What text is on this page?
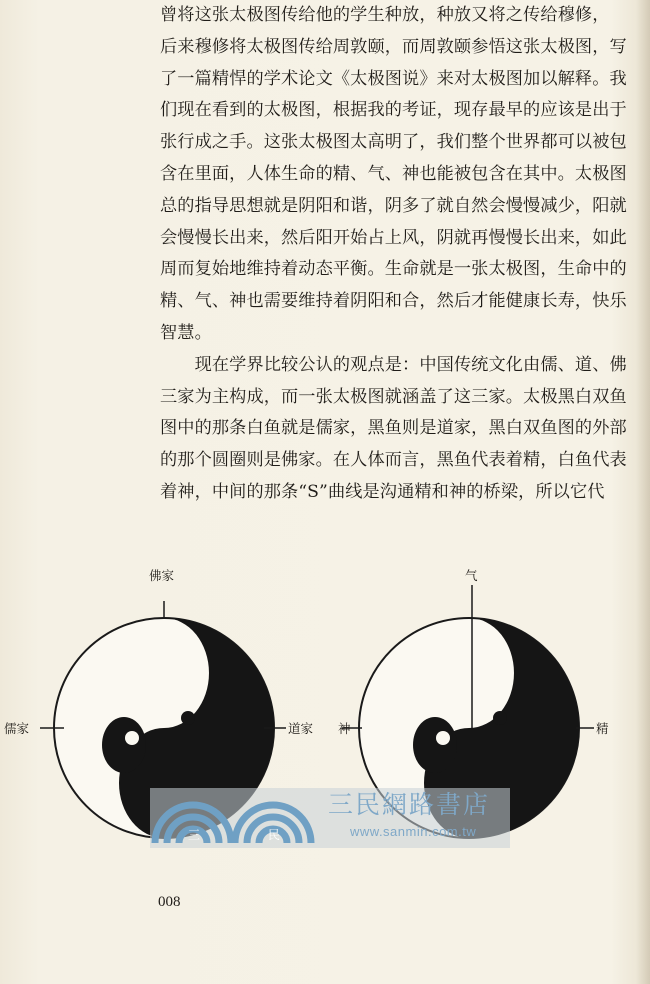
曾将这张太极图传给他的学生种放，种放又将之传给穆修，
后来穆修将太极图传给周敦颐，而周敦颐参悟这张太极图，写
了一篇精悍的学术论文《太极图说》来对太极图加以解释。我
们现在看到的太极图，根据我的考证，现存最早的应该是出于
张行成之手。这张太极图太高明了，我们整个世界都可以被包
含在里面，人体生命的精、气、神也能被包含在其中。太极图
总的指导思想就是阴阳和谐，阴多了就自然会慢慢减少，阳就
会慢慢长出来，然后阳开始占上风，阴就再慢慢长出来，如此
周而复始地维持着动态平衡。生命就是一张太极图，生命中的
精、气、神也需要维持着阴阳和合，然后才能健康长寿，快乐
智慧。
　　现在学界比较公认的观点是：中国传统文化由儒、道、佛
三家为主构成，而一张太极图就涵盖了这三家。太极黑白双鱼
图中的那条白鱼就是儒家，黑鱼则是道家，黑白双鱼图的外部
的那个圆圈则是佛家。在人体而言，黑鱼代表着精，白鱼代表
着神，中间的那条“S”曲线是沟通精和神的桥梁，所以它代
佛家
儒家	道家
气
神	精
三	民
三民網路書店
www.sanmin.com.tw
008
